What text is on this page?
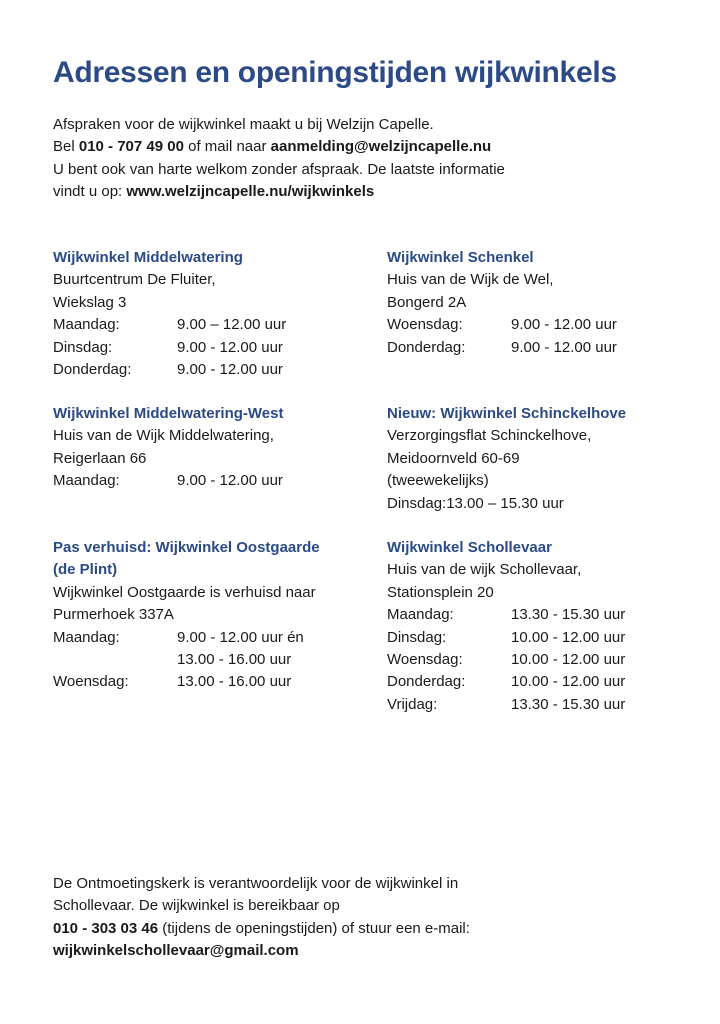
Adressen en openingstijden wijkwinkels

Afspraken voor de wijkwinkel maakt u bij Welzijn Capelle.

Bel 010 - 707 49 00 of mail naar aanmelding@welzijncapelle.nu

U bent ook van harte welkom zonder afspraak. De laatste informatie

vindt u op: www.welzijncapelle.nu/wijkwinkels

Wijkwinkel Middelwatering

Buurtcentrum De Fluiter,

Wiekslag 3

Maandag:	9.00 – 12.00 uur
Dinsdag:	9.00 - 12.00 uur
Donderdag:	9.00 - 12.00 uur

Wijkwinkel Middelwatering-West

Huis van de Wijk Middelwatering,

Reigerlaan 66

Maandag:	9.00 - 12.00 uur

Pas verhuisd: Wijkwinkel Oostgaarde

(de Plint)

Wijkwinkel Oostgaarde is verhuisd naar

Purmerhoek 337A

Maandag:	9.00 - 12.00 uur én
13.00 - 16.00 uur
Woensdag:	13.00 - 16.00 uur

Wijkwinkel Schenkel

Huis van de Wijk de Wel,

Bongerd 2A

Woensdag:	9.00 - 12.00 uur
Donderdag:	9.00 - 12.00 uur

Nieuw: Wijkwinkel Schinckelhove

Verzorgingsflat Schinckelhove,

Meidoornveld 60-69

(tweewekelijks)

Dinsdag: 13.00 – 15.30 uur

Wijkwinkel Schollevaar

Huis van de wijk Schollevaar,

Stationsplein 20

Maandag:	13.30 - 15.30 uur
Dinsdag:	10.00 - 12.00 uur
Woensdag:	10.00 - 12.00 uur
Donderdag:	10.00 - 12.00 uur
Vrijdag:	13.30 - 15.30 uur

De Ontmoetingskerk is verantwoordelijk voor de wijkwinkel in

Schollevaar. De wijkwinkel is bereikbaar op

010 - 303 03 46 (tijdens de openingstijden) of stuur een e-mail:

wijkwinkelschollevaar@gmail.com
